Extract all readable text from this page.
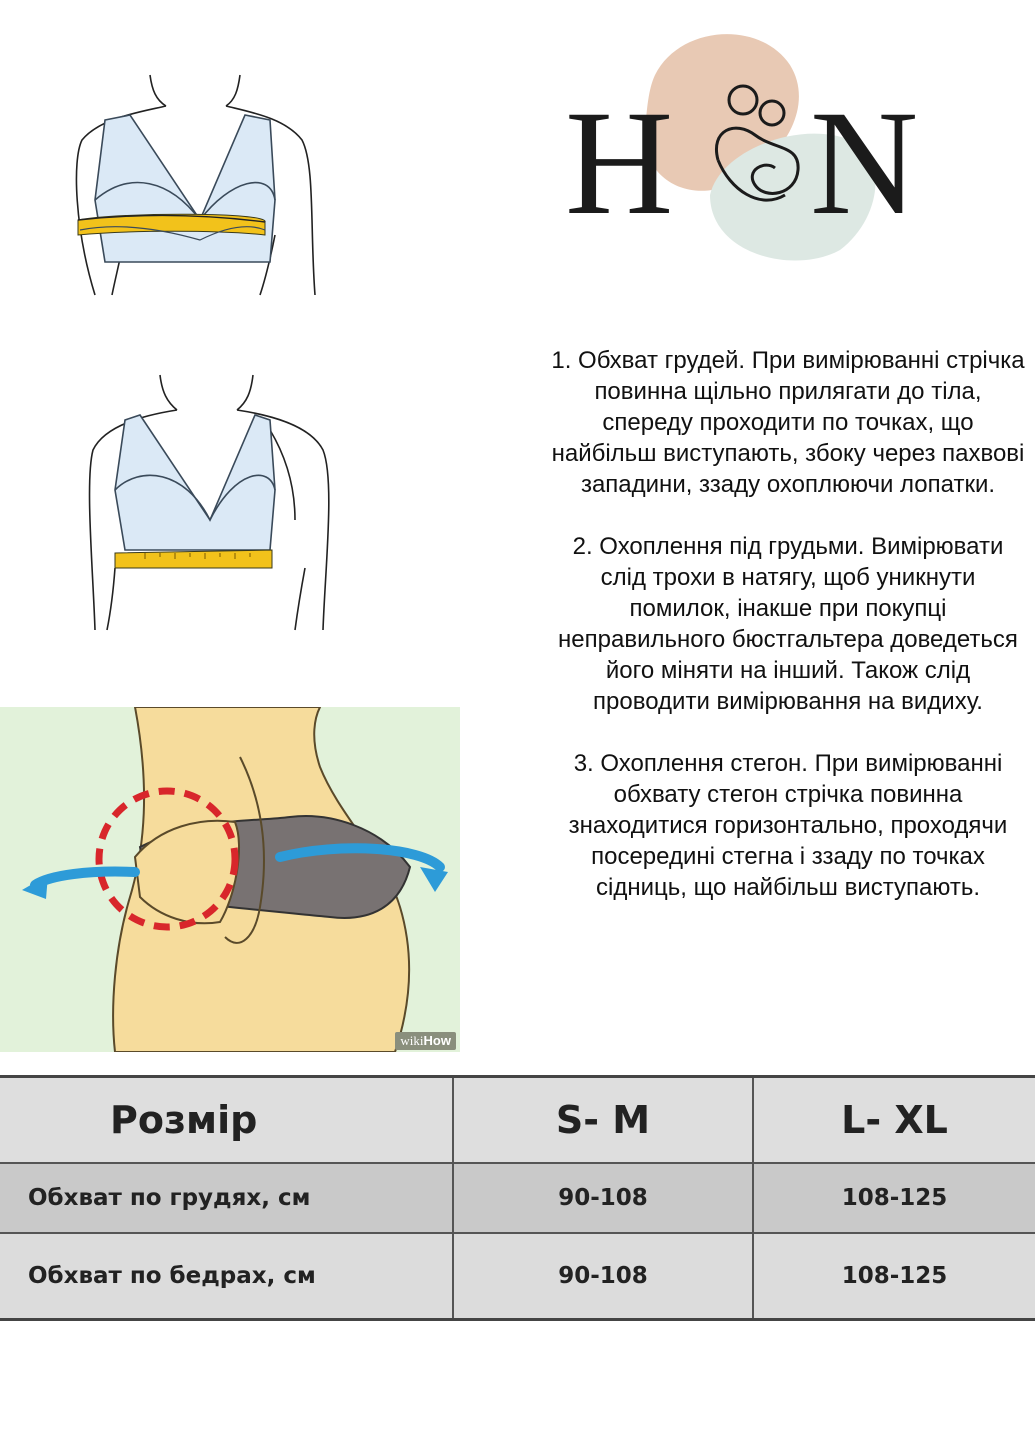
H N
wikiHow

1. Обхват грудей. При вимірюванні стрічка повинна щільно прилягати до тіла, спереду проходити по точках, що найбільш виступають, збоку через пахвові западини, ззаду охоплюючи лопатки.

2. Охоплення під грудьми. Вимірювати слід трохи в натягу, щоб уникнути помилок, інакше при покупці неправильного бюстгальтера доведеться його міняти на інший. Також слід проводити вимірювання на видиху.

3. Охоплення стегон. При вимірюванні обхвату стегон стрічка повинна знаходитися горизонтально, проходячи посередині стегна і ззаду по точках сідниць, що найбільш виступають.

Розмір	S- M	L- XL
Обхват по грудях, см	90-108	108-125
Обхват по бедрах, см	90-108	108-125
